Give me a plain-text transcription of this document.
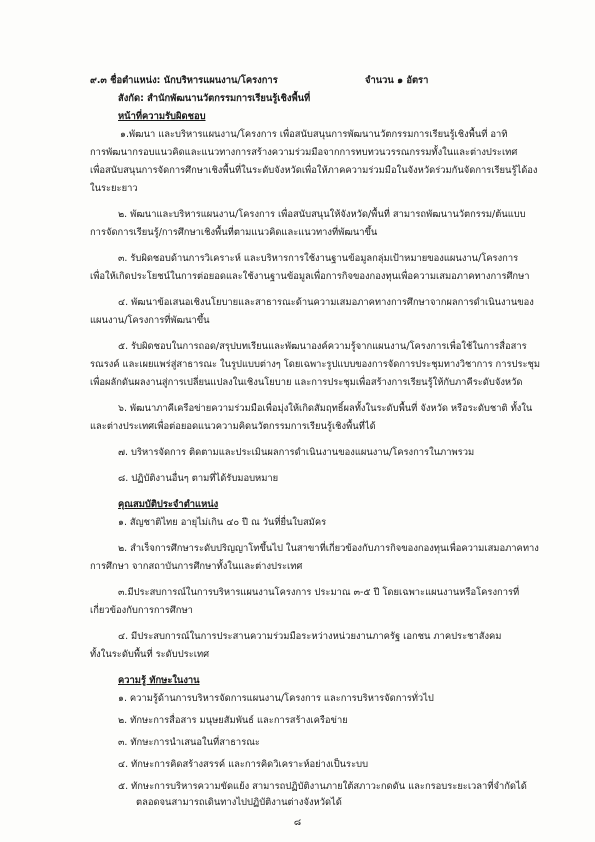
๙.๓ ชื่อตำแหน่ง: นักบริหารแผนงาน/โครงการ	จำนวน ๑ อัตรา
สังกัด: สำนักพัฒนานวัตกรรมการเรียนรู้เชิงพื้นที่
หน้าที่ความรับผิดชอบ
๑.พัฒนา และบริหารแผนงาน/โครงการ เพื่อสนับสนุนการพัฒนานวัตกรรมการเรียนรู้เชิงพื้นที่ อาทิ
การพัฒนากรอบแนวคิดและแนวทางการสร้างความร่วมมือจากการทบทวนวรรณกรรมทั้งในและต่างประเทศ
เพื่อสนับสนุนการจัดการศึกษาเชิงพื้นที่ในระดับจังหวัดเพื่อให้ภาคความร่วมมือในจังหวัดร่วมกันจัดการเรียนรู้ได้อง
ในระยะยาว
๒. พัฒนาและบริหารแผนงาน/โครงการ เพื่อสนับสนุนให้จังหวัด/พื้นที่ สามารถพัฒนานวัตกรรม/ต้นแบบ
การจัดการเรียนรู้/การศึกษาเชิงพื้นที่ตามแนวคิดและแนวทางที่พัฒนาขึ้น
๓. รับผิดชอบด้านการวิเคราะห์ และบริหารการใช้งานฐานข้อมูลกลุ่มเป้าหมายของแผนงาน/โครงการ
เพื่อให้เกิดประโยชน์ในการต่อยอดและใช้งานฐานข้อมูลเพื่อการกิจของกองทุนเพื่อความเสมอภาคทางการศึกษา
๔. พัฒนาข้อเสนอเชิงนโยบายและสาธารณะด้านความเสมอภาคทางการศึกษาจากผลการดำเนินงานของ
แผนงาน/โครงการที่พัฒนาขึ้น
๕. รับผิดชอบในการถอด/สรุปบทเรียนและพัฒนาองค์ความรู้จากแผนงาน/โครงการเพื่อใช้ในการสื่อสาร
รณรงค์ และเผยแพร่สู่สาธารณะ ในรูปแบบต่างๆ โดยเฉพาะรูปแบบของการจัดการประชุมทางวิชาการ การประชุม
เพื่อผลักดันผลงานสู่การเปลี่ยนแปลงในเชิงนโยบาย และการประชุมเพื่อสร้างการเรียนรู้ให้กับภาคีระดับจังหวัด
๖. พัฒนาภาคีเครือข่ายความร่วมมือเพื่อมุ่งให้เกิดสัมฤทธิ์ผลทั้งในระดับพื้นที่ จังหวัด หรือระดับชาติ ทั้งใน
และต่างประเทศเพื่อต่อยอดแนวความคิดนวัตกรรมการเรียนรู้เชิงพื้นที่ได้
๗. บริหารจัดการ ติดตามและประเมินผลการดำเนินงานของแผนงาน/โครงการในภาพรวม
๘. ปฏิบัติงานอื่นๆ ตามที่ได้รับมอบหมาย
คุณสมบัติประจำตำแหน่ง
๑. สัญชาติไทย อายุไม่เกิน ๔๐ ปี ณ วันที่ยื่นใบสมัคร
๒. สำเร็จการศึกษาระดับปริญญาโทขึ้นไป ในสาขาที่เกี่ยวข้องกับภารกิจของกองทุนเพื่อความเสมอภาคทาง
การศึกษา จากสถาบันการศึกษาทั้งในและต่างประเทศ
๓.มีประสบการณ์ในการบริหารแผนงานโครงการ ประมาณ ๓-๕ ปี โดยเฉพาะแผนงานหรือโครงการที่
เกี่ยวข้องกับการการศึกษา
๔. มีประสบการณ์ในการประสานความร่วมมือระหว่างหน่วยงานภาครัฐ เอกชน ภาคประชาสังคม
ทั้งในระดับพื้นที่ ระดับประเทศ
ความรู้ ทักษะในงาน
๑. ความรู้ด้านการบริหารจัดการแผนงาน/โครงการ และการบริหารจัดการทั่วไป
๒. ทักษะการสื่อสาร มนุษยสัมพันธ์ และการสร้างเครือข่าย
๓. ทักษะการนำเสนอในที่สาธารณะ
๔. ทักษะการคิดสร้างสรรค์ และการคิดวิเคราะห์อย่างเป็นระบบ
๕. ทักษะการบริหารความขัดแย้ง สามารถปฏิบัติงานภายใต้สภาวะกดดัน และกรอบระยะเวลาที่จำกัดได้
ตลอดจนสามารถเดินทางไปปฏิบัติงานต่างจังหวัดได้
๘
